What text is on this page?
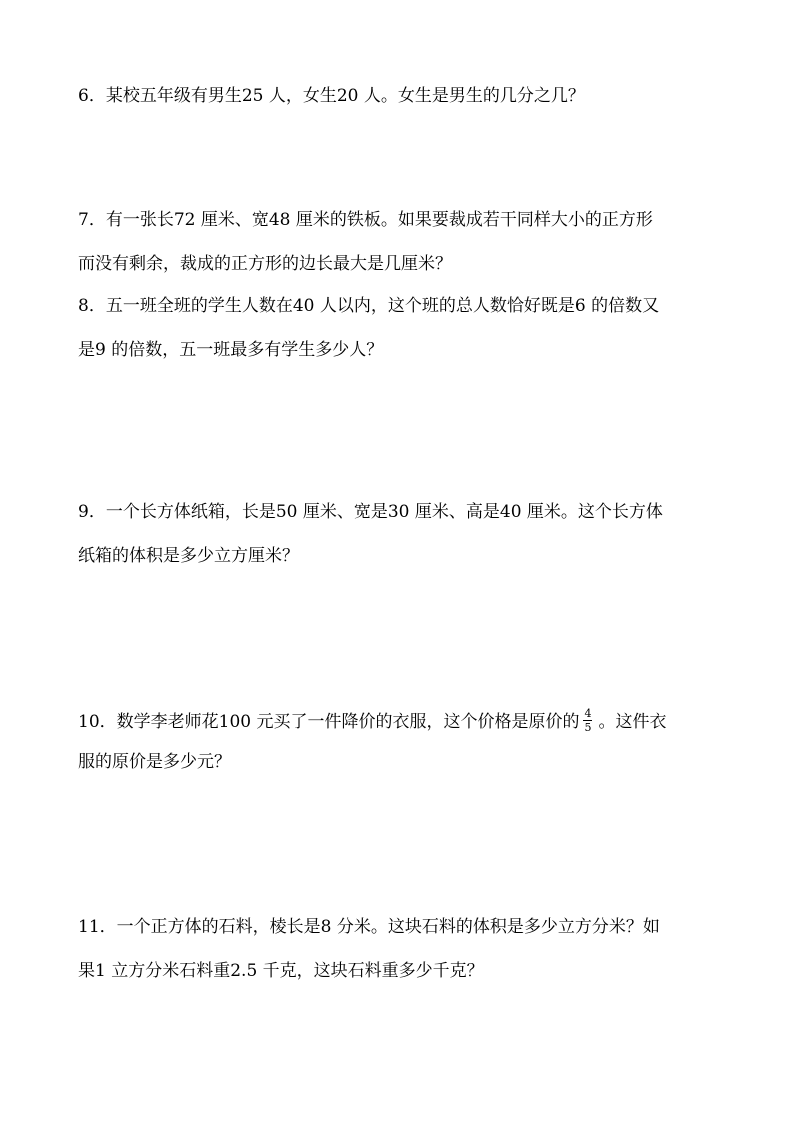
6．某校五年级有男生25 人，女生20 人。女生是男生的几分之几？
7．有一张长72 厘米、宽48 厘米的铁板。如果要裁成若干同样大小的正方形
而没有剩余，裁成的正方形的边长最大是几厘米？
8．五一班全班的学生人数在40 人以内，这个班的总人数恰好既是6 的倍数又
是9 的倍数，五一班最多有学生多少人？
9．一个长方体纸箱，长是50 厘米、宽是30 厘米、高是40 厘米。这个长方体
纸箱的体积是多少立方厘米？
10．数学李老师花100 元买了一件降价的衣服，这个价格是原价的 $\frac{4}{5}$ 。这件衣
服的原价是多少元？
11．一个正方体的石料，棱长是8 分米。这块石料的体积是多少立方分米？如
果1 立方分米石料重2.5 千克，这块石料重多少千克？
